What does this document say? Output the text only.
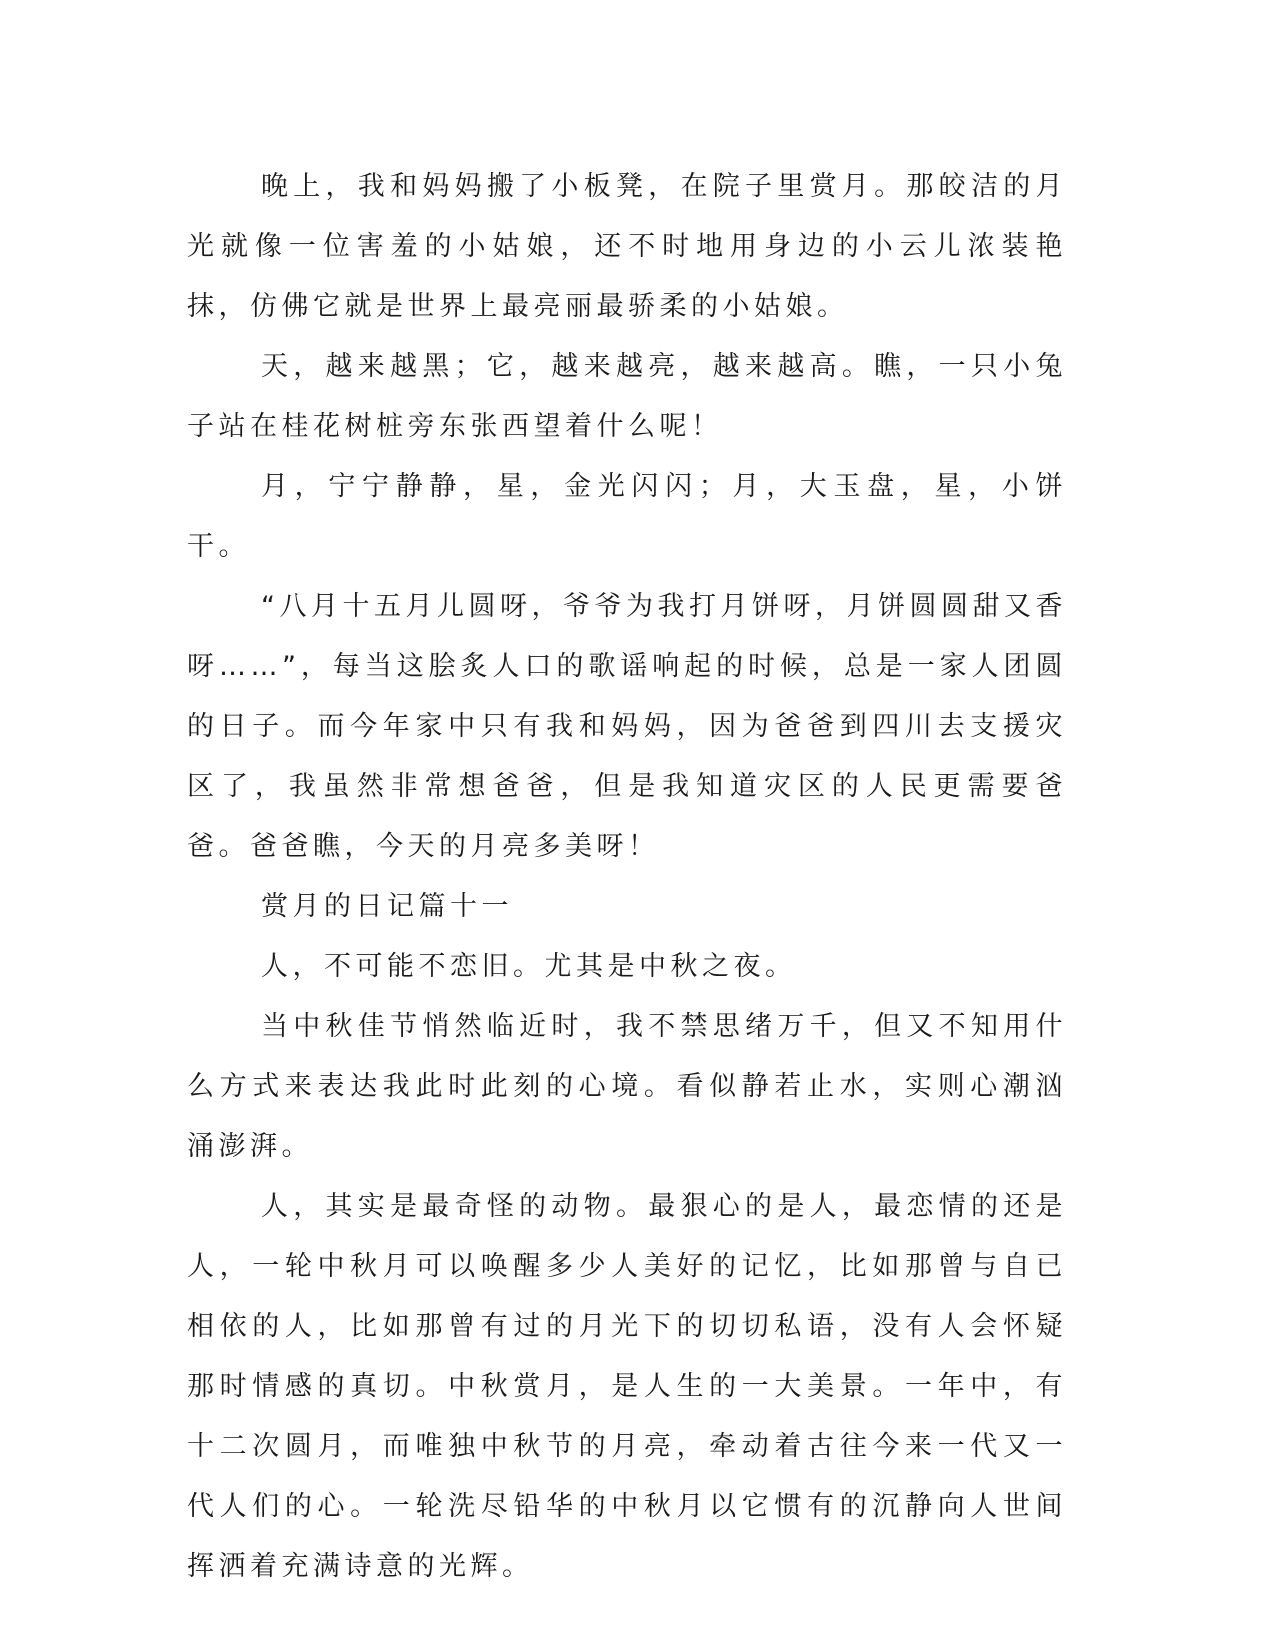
晚上，我和妈妈搬了小板凳，在院子里赏月。那皎洁的月光就像一位害羞的小姑娘，还不时地用身边的小云儿浓装艳抹，仿佛它就是世界上最亮丽最骄柔的小姑娘。

天，越来越黑；它，越来越亮，越来越高。瞧，一只小兔子站在桂花树桩旁东张西望着什么呢！

月，宁宁静静，星，金光闪闪；月，大玉盘，星，小饼干。

“八月十五月儿圆呀，爷爷为我打月饼呀，月饼圆圆甜又香呀……”，每当这脍炙人口的歌谣响起的时候，总是一家人团圆的日子。而今年家中只有我和妈妈，因为爸爸到四川去支援灾区了，我虽然非常想爸爸，但是我知道灾区的人民更需要爸爸。爸爸瞧，今天的月亮多美呀！

赏月的日记篇十一

人，不可能不恋旧。尤其是中秋之夜。

当中秋佳节悄然临近时，我不禁思绪万千，但又不知用什么方式来表达我此时此刻的心境。看似静若止水，实则心潮汹涌澎湃。

人，其实是最奇怪的动物。最狠心的是人，最恋情的还是人，一轮中秋月可以唤醒多少人美好的记忆，比如那曾与自已相依的人，比如那曾有过的月光下的切切私语，没有人会怀疑那时情感的真切。中秋赏月，是人生的一大美景。一年中，有十二次圆月，而唯独中秋节的月亮，牵动着古往今来一代又一代人们的心。一轮洗尽铅华的中秋月以它惯有的沉静向人世间挥洒着充满诗意的光辉。
